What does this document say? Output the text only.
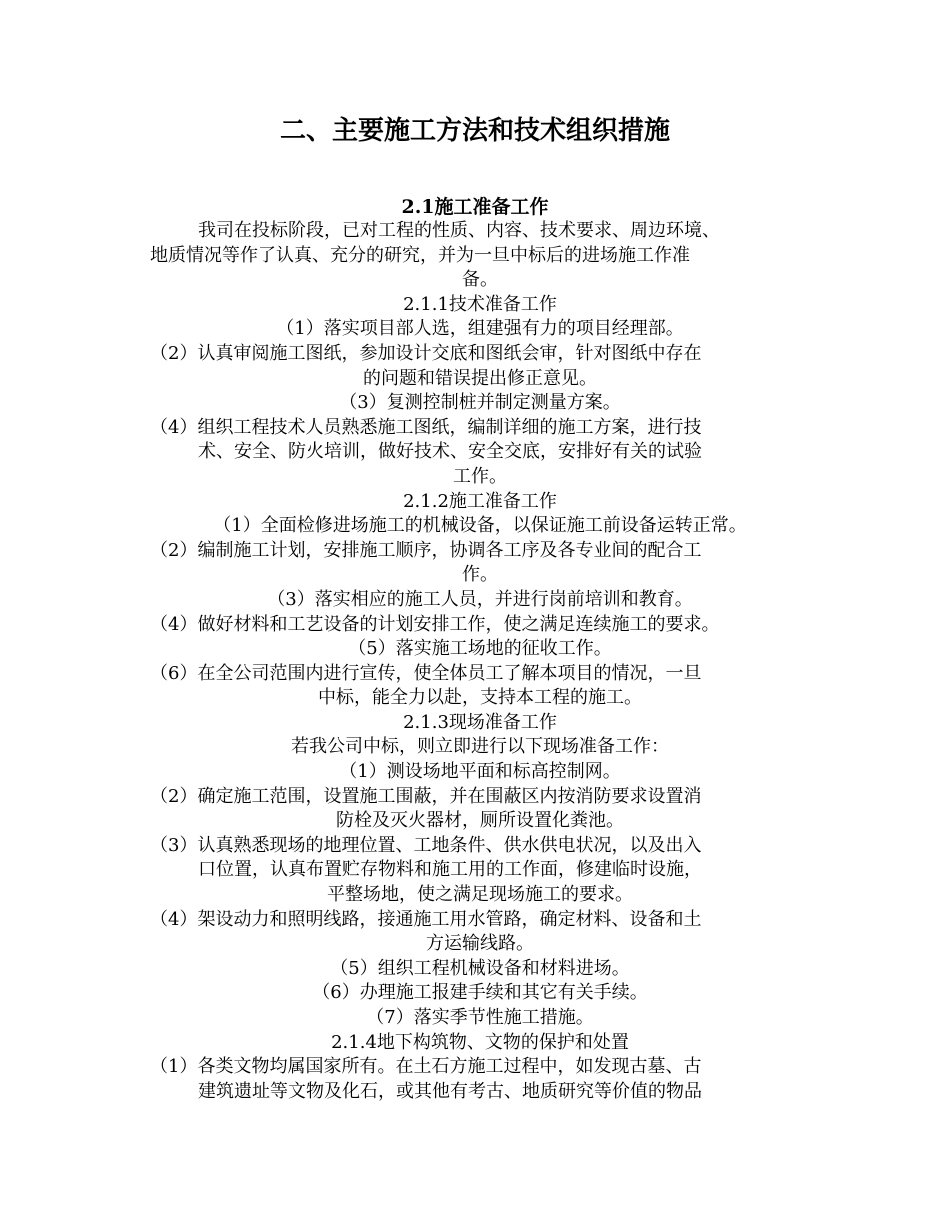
二、主要施工方法和技术组织措施
2.1施工准备工作
我司在投标阶段，已对工程的性质、内容、技术要求、周边环境、
地质情况等作了认真、充分的研究，并为一旦中标后的进场施工作准
备。
2.1.1技术准备工作
（1）落实项目部人选，组建强有力的项目经理部。
（2）认真审阅施工图纸，参加设计交底和图纸会审，针对图纸中存在
的问题和错误提出修正意见。
（3）复测控制桩并制定测量方案。
（4）组织工程技术人员熟悉施工图纸，编制详细的施工方案，进行技
术、安全、防火培训，做好技术、安全交底，安排好有关的试验
工作。
2.1.2施工准备工作
（1）全面检修进场施工的机械设备，以保证施工前设备运转正常。
（2）编制施工计划，安排施工顺序，协调各工序及各专业间的配合工
作。
（3）落实相应的施工人员，并进行岗前培训和教育。
（4）做好材料和工艺设备的计划安排工作，使之满足连续施工的要求。
（5）落实施工场地的征收工作。
（6）在全公司范围内进行宣传，使全体员工了解本项目的情况，一旦
中标，能全力以赴，支持本工程的施工。
2.1.3现场准备工作
若我公司中标，则立即进行以下现场准备工作：
（1）测设场地平面和标高控制网。
（2）确定施工范围，设置施工围蔽，并在围蔽区内按消防要求设置消
防栓及灭火器材，厕所设置化粪池。
（3）认真熟悉现场的地理位置、工地条件、供水供电状况，以及出入
口位置，认真布置贮存物料和施工用的工作面，修建临时设施，
平整场地，使之满足现场施工的要求。
（4）架设动力和照明线路，接通施工用水管路，确定材料、设备和土
方运输线路。
（5）组织工程机械设备和材料进场。
（6）办理施工报建手续和其它有关手续。
（7）落实季节性施工措施。
2.1.4地下构筑物、文物的保护和处置
（1）各类文物均属国家所有。在土石方施工过程中，如发现古墓、古
建筑遗址等文物及化石，或其他有考古、地质研究等价值的物品
